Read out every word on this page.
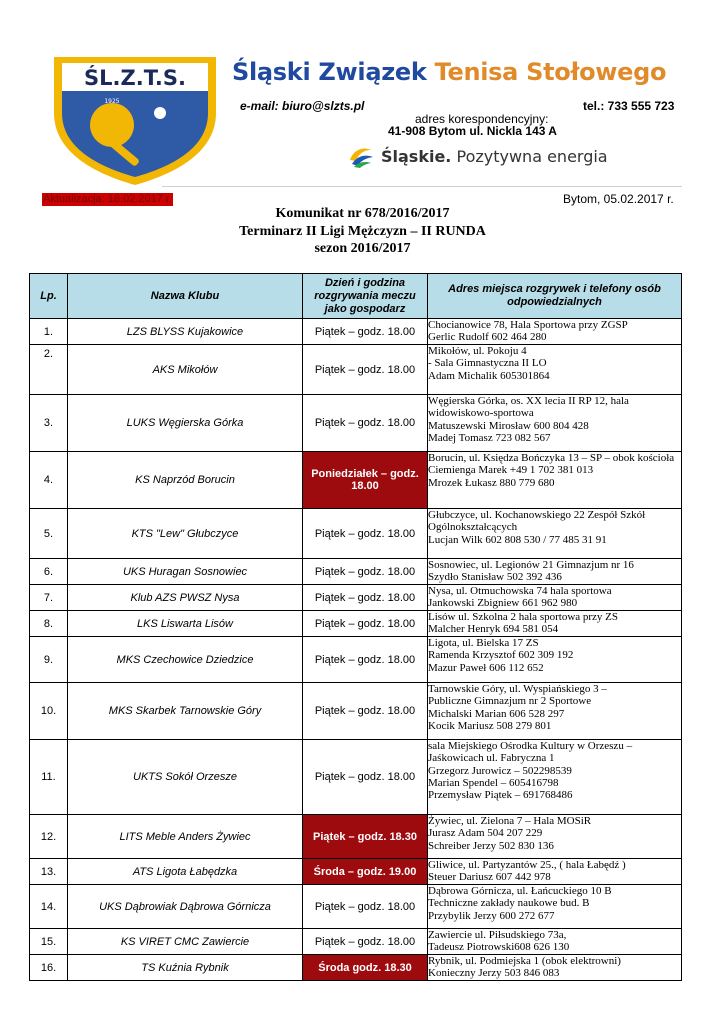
ŚL.Z.T.S.
1925
Śląski Związek Tenisa Stołowego
e-mail: biuro@slzts.pl	tel.: 733 555 723
adres korespondencyjny:
41-908 Bytom ul. Nickla 143 A
Śląskie. Pozytywna energia
Aktualizacja: 18.02.2017 r.	Bytom, 05.02.2017 r.
Komunikat nr 678/2016/2017
Terminarz II Ligi Mężczyzn – II RUNDA
sezon 2016/2017
Lp.	Nazwa Klubu	Dzień i godzina rozgrywania meczu jako gospodarz	Adres miejsca rozgrywek i telefony osób odpowiedzialnych
1.	LZS BLYSS Kujakowice	Piątek – godz. 18.00	Chocianowice 78, Hala Sportowa przy ZGSP
Gerlic Rudolf 602 464 280

2.	AKS Mikołów	Piątek – godz. 18.00	Mikołów, ul. Pokoju 4
- Sala Gimnastyczna II LO
Adam Michalik 605301864

3.	LUKS Węgierska Górka	Piątek – godz. 18.00	Węgierska Górka, os. XX lecia II RP 12, hala widowiskowo-sportowa
Matuszewski Mirosław 600 804 428
Madej Tomasz 723 082 567

4.	KS Naprzód Borucin	Poniedziałek – godz. 18.00	Borucin, ul. Księdza Bończyka 13 – SP – obok kościoła
Ciemienga Marek +49 1 702 381 013
Mrozek Łukasz 880 779 680

5.	KTS "Lew" Głubczyce	Piątek – godz. 18.00	Głubczyce, ul. Kochanowskiego 22 Zespół Szkół Ogólnokształcących
Lucjan Wilk 602 808 530 / 77 485 31 91

6.	UKS Huragan Sosnowiec	Piątek – godz. 18.00	Sosnowiec, ul. Legionów 21 Gimnazjum nr 16
Szydło Stanisław 502 392 436

7.	Klub AZS PWSZ Nysa	Piątek – godz. 18.00	Nysa, ul. Otmuchowska 74 hala sportowa
Jankowski Zbigniew 661 962 980

8.	LKS Liswarta Lisów	Piątek – godz. 18.00	Lisów ul. Szkolna 2 hala sportowa przy ZS
Malcher Henryk 694 581 054

9.	MKS Czechowice Dziedzice	Piątek – godz. 18.00	Ligota, ul. Bielska 17 ZS
Ramenda Krzysztof 602 309 192
Mazur Paweł 606 112 652

10.	MKS Skarbek Tarnowskie Góry	Piątek – godz. 18.00	Tarnowskie Góry, ul. Wyspiańskiego 3 –
Publiczne Gimnazjum nr 2 Sportowe
Michalski Marian 606 528 297
Kocik Mariusz 508 279 801

11.	UKTS Sokół Orzesze	Piątek – godz. 18.00	sala Miejskiego Ośrodka Kultury w Orzeszu –
Jaśkowicach ul. Fabryczna 1
Grzegorz Jurowicz – 502298539
Marian Spendel – 605416798
Przemysław Piątek – 691768486

12.	LITS Meble Anders Żywiec	Piątek – godz. 18.30	Żywiec, ul. Zielona 7 – Hala MOSiR
Jurasz Adam 504 207 229
Schreiber Jerzy 502 830 136

13.	ATS Ligota Łabędzka	Środa – godz. 19.00	Gliwice, ul. Partyzantów 25., ( hala Łabędź )
Steuer Dariusz 607 442 978

14.	UKS Dąbrowiak Dąbrowa Górnicza	Piątek – godz. 18.00	Dąbrowa Górnicza, ul. Łańcuckiego 10 B
Techniczne zakłady naukowe bud. B
Przybylik Jerzy 600 272 677

15.	KS VIRET CMC Zawiercie	Piątek – godz. 18.00	Zawiercie ul. Piłsudskiego 73a,
Tadeusz Piotrowski608 626 130

16.	TS Kuźnia Rybnik	Środa godz. 18.30	Rybnik, ul. Podmiejska 1 (obok elektrowni)
Konieczny Jerzy 503 846 083
